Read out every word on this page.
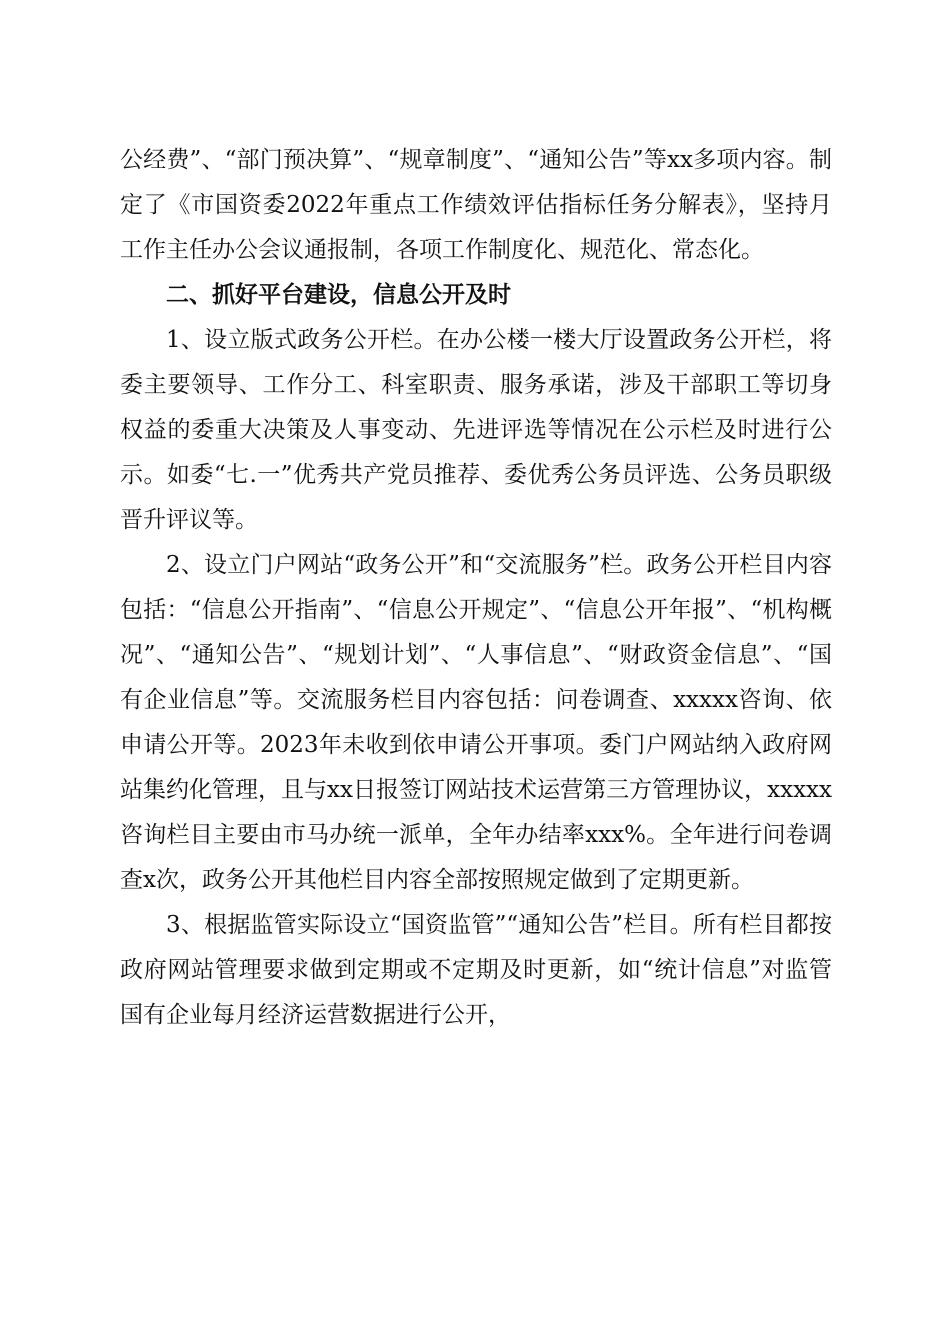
公经费”、“部门预决算”、“规章制度”、“通知公告”等xx多项内容。制定了《市国资委2022年重点工作绩效评估指标任务分解表》，坚持月工作主任办公会议通报制，各项工作制度化、规范化、常态化。

二、抓好平台建设，信息公开及时

1、设立版式政务公开栏。在办公楼一楼大厅设置政务公开栏，将委主要领导、工作分工、科室职责、服务承诺，涉及干部职工等切身权益的委重大决策及人事变动、先进评选等情况在公示栏及时进行公示。如委“七.一”优秀共产党员推荐、委优秀公务员评选、公务员职级晋升评议等。

2、设立门户网站“政务公开”和“交流服务”栏。政务公开栏目内容包括：“信息公开指南”、“信息公开规定”、“信息公开年报”、“机构概况”、“通知公告”、“规划计划”、“人事信息”、“财政资金信息”、“国有企业信息”等。交流服务栏目内容包括：问卷调查、xxxxx咨询、依申请公开等。2023年未收到依申请公开事项。委门户网站纳入政府网站集约化管理，且与xx日报签订网站技术运营第三方管理协议，xxxxx咨询栏目主要由市马办统一派单，全年办结率xxx%。全年进行问卷调查x次，政务公开其他栏目内容全部按照规定做到了定期更新。

3、根据监管实际设立“国资监管”“通知公告”栏目。所有栏目都按政府网站管理要求做到定期或不定期及时更新，如“统计信息”对监管国有企业每月经济运营数据进行公开，
